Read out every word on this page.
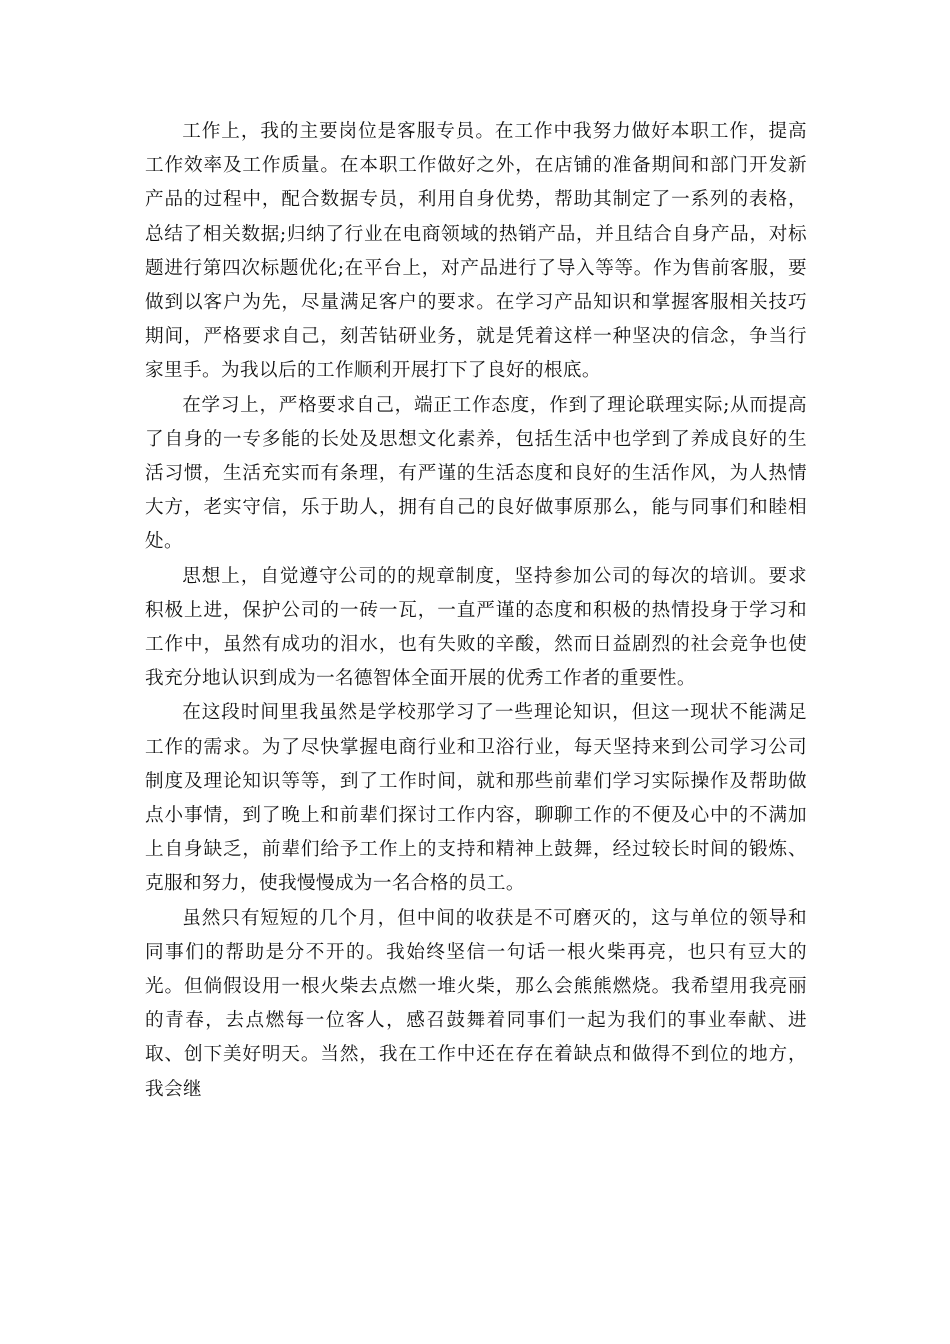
工作上，我的主要岗位是客服专员。在工作中我努力做好本职工作，提高工作效率及工作质量。在本职工作做好之外，在店铺的准备期间和部门开发新产品的过程中，配合数据专员，利用自身优势，帮助其制定了一系列的表格，总结了相关数据;归纳了行业在电商领域的热销产品，并且结合自身产品，对标题进行第四次标题优化;在平台上，对产品进行了导入等等。作为售前客服，要做到以客户为先，尽量满足客户的要求。在学习产品知识和掌握客服相关技巧期间，严格要求自己，刻苦钻研业务，就是凭着这样一种坚决的信念，争当行家里手。为我以后的工作顺利开展打下了良好的根底。

在学习上，严格要求自己，端正工作态度，作到了理论联理实际;从而提高了自身的一专多能的长处及思想文化素养，包括生活中也学到了养成良好的生活习惯，生活充实而有条理，有严谨的生活态度和良好的生活作风，为人热情大方，老实守信，乐于助人，拥有自己的良好做事原那么，能与同事们和睦相处。

思想上，自觉遵守公司的的规章制度，坚持参加公司的每次的培训。要求积极上进，保护公司的一砖一瓦，一直严谨的态度和积极的热情投身于学习和工作中，虽然有成功的泪水，也有失败的辛酸，然而日益剧烈的社会竞争也使我充分地认识到成为一名德智体全面开展的优秀工作者的重要性。

在这段时间里我虽然是学校那学习了一些理论知识，但这一现状不能满足工作的需求。为了尽快掌握电商行业和卫浴行业，每天坚持来到公司学习公司制度及理论知识等等，到了工作时间，就和那些前辈们学习实际操作及帮助做点小事情，到了晚上和前辈们探讨工作内容，聊聊工作的不便及心中的不满加上自身缺乏，前辈们给予工作上的支持和精神上鼓舞，经过较长时间的锻炼、克服和努力，使我慢慢成为一名合格的员工。

虽然只有短短的几个月，但中间的收获是不可磨灭的，这与单位的领导和同事们的帮助是分不开的。我始终坚信一句话一根火柴再亮，也只有豆大的光。但倘假设用一根火柴去点燃一堆火柴，那么会熊熊燃烧。我希望用我亮丽的青春，去点燃每一位客人，感召鼓舞着同事们一起为我们的事业奉献、进取、创下美好明天。当然，我在工作中还在存在着缺点和做得不到位的地方，我会继
